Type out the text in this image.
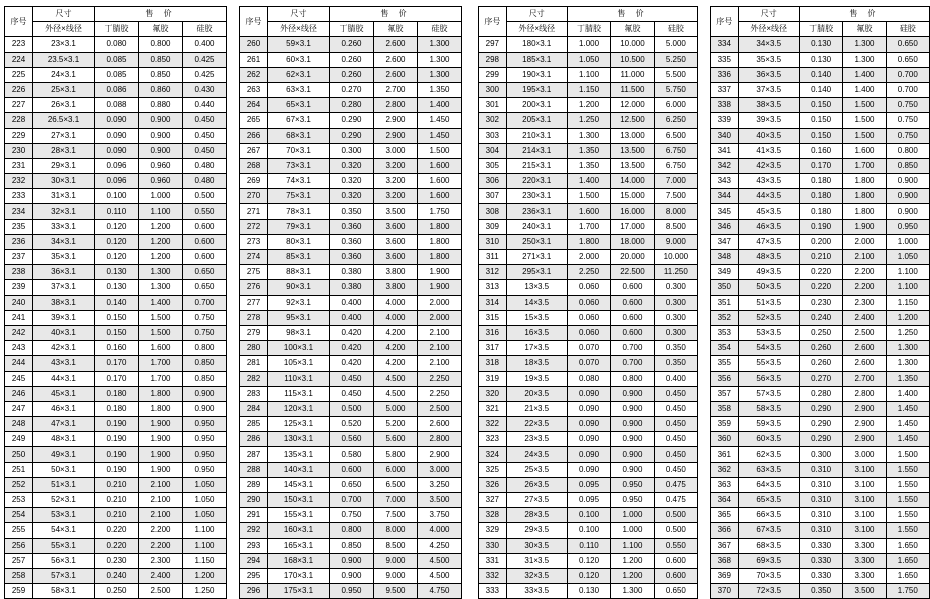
序号	尺寸	售 价		
	外径×线径	丁腈胶	氟胶	硅胶
223	23×3.1	0.080	0.800	0.400
224	23.5×3.1	0.085	0.850	0.425
225	24×3.1	0.085	0.850	0.425
226	25×3.1	0.086	0.860	0.430
227	26×3.1	0.088	0.880	0.440
228	26.5×3.1	0.090	0.900	0.450
229	27×3.1	0.090	0.900	0.450
230	28×3.1	0.090	0.900	0.450
231	29×3.1	0.096	0.960	0.480
232	30×3.1	0.096	0.960	0.480
233	31×3.1	0.100	1.000	0.500
234	32×3.1	0.110	1.100	0.550
235	33×3.1	0.120	1.200	0.600
236	34×3.1	0.120	1.200	0.600
237	35×3.1	0.120	1.200	0.600
238	36×3.1	0.130	1.300	0.650
239	37×3.1	0.130	1.300	0.650
240	38×3.1	0.140	1.400	0.700
241	39×3.1	0.150	1.500	0.750
242	40×3.1	0.150	1.500	0.750
243	42×3.1	0.160	1.600	0.800
244	43×3.1	0.170	1.700	0.850
245	44×3.1	0.170	1.700	0.850
246	45×3.1	0.180	1.800	0.900
247	46×3.1	0.180	1.800	0.900
248	47×3.1	0.190	1.900	0.950
249	48×3.1	0.190	1.900	0.950
250	49×3.1	0.190	1.900	0.950
251	50×3.1	0.190	1.900	0.950
252	51×3.1	0.210	2.100	1.050
253	52×3.1	0.210	2.100	1.050
254	53×3.1	0.210	2.100	1.050
255	54×3.1	0.220	2.200	1.100
256	55×3.1	0.220	2.200	1.100
257	56×3.1	0.230	2.300	1.150
258	57×3.1	0.240	2.400	1.200
259	58×3.1	0.250	2.500	1.250
序号	尺寸	售 价		
	外径×线径	丁腈胶	氟胶	硅胶
260	59×3.1	0.260	2.600	1.300
261	60×3.1	0.260	2.600	1.300
262	62×3.1	0.260	2.600	1.300
263	63×3.1	0.270	2.700	1.350
264	65×3.1	0.280	2.800	1.400
265	67×3.1	0.290	2.900	1.450
266	68×3.1	0.290	2.900	1.450
267	70×3.1	0.300	3.000	1.500
268	73×3.1	0.320	3.200	1.600
269	74×3.1	0.320	3.200	1.600
270	75×3.1	0.320	3.200	1.600
271	78×3.1	0.350	3.500	1.750
272	79×3.1	0.360	3.600	1.800
273	80×3.1	0.360	3.600	1.800
274	85×3.1	0.360	3.600	1.800
275	88×3.1	0.380	3.800	1.900
276	90×3.1	0.380	3.800	1.900
277	92×3.1	0.400	4.000	2.000
278	95×3.1	0.400	4.000	2.000
279	98×3.1	0.420	4.200	2.100
280	100×3.1	0.420	4.200	2.100
281	105×3.1	0.420	4.200	2.100
282	110×3.1	0.450	4.500	2.250
283	115×3.1	0.450	4.500	2.250
284	120×3.1	0.500	5.000	2.500
285	125×3.1	0.520	5.200	2.600
286	130×3.1	0.560	5.600	2.800
287	135×3.1	0.580	5.800	2.900
288	140×3.1	0.600	6.000	3.000
289	145×3.1	0.650	6.500	3.250
290	150×3.1	0.700	7.000	3.500
291	155×3.1	0.750	7.500	3.750
292	160×3.1	0.800	8.000	4.000
293	165×3.1	0.850	8.500	4.250
294	168×3.1	0.900	9.000	4.500
295	170×3.1	0.900	9.000	4.500
296	175×3.1	0.950	9.500	4.750
序号	尺寸	售 价		
	外径×线径	丁腈胶	氟胶	硅胶
297	180×3.1	1.000	10.000	5.000
298	185×3.1	1.050	10.500	5.250
299	190×3.1	1.100	11.000	5.500
300	195×3.1	1.150	11.500	5.750
301	200×3.1	1.200	12.000	6.000
302	205×3.1	1.250	12.500	6.250
303	210×3.1	1.300	13.000	6.500
304	214×3.1	1.350	13.500	6.750
305	215×3.1	1.350	13.500	6.750
306	220×3.1	1.400	14.000	7.000
307	230×3.1	1.500	15.000	7.500
308	236×3.1	1.600	16.000	8.000
309	240×3.1	1.700	17.000	8.500
310	250×3.1	1.800	18.000	9.000
311	271×3.1	2.000	20.000	10.000
312	295×3.1	2.250	22.500	11.250
313	13×3.5	0.060	0.600	0.300
314	14×3.5	0.060	0.600	0.300
315	15×3.5	0.060	0.600	0.300
316	16×3.5	0.060	0.600	0.300
317	17×3.5	0.070	0.700	0.350
318	18×3.5	0.070	0.700	0.350
319	19×3.5	0.080	0.800	0.400
320	20×3.5	0.090	0.900	0.450
321	21×3.5	0.090	0.900	0.450
322	22×3.5	0.090	0.900	0.450
323	23×3.5	0.090	0.900	0.450
324	24×3.5	0.090	0.900	0.450
325	25×3.5	0.090	0.900	0.450
326	26×3.5	0.095	0.950	0.475
327	27×3.5	0.095	0.950	0.475
328	28×3.5	0.100	1.000	0.500
329	29×3.5	0.100	1.000	0.500
330	30×3.5	0.110	1.100	0.550
331	31×3.5	0.120	1.200	0.600
332	32×3.5	0.120	1.200	0.600
333	33×3.5	0.130	1.300	0.650
序号	尺寸	售 价		
	外径×线径	丁腈胶	氟胶	硅胶
334	34×3.5	0.130	1.300	0.650
335	35×3.5	0.130	1.300	0.650
336	36×3.5	0.140	1.400	0.700
337	37×3.5	0.140	1.400	0.700
338	38×3.5	0.150	1.500	0.750
339	39×3.5	0.150	1.500	0.750
340	40×3.5	0.150	1.500	0.750
341	41×3.5	0.160	1.600	0.800
342	42×3.5	0.170	1.700	0.850
343	43×3.5	0.180	1.800	0.900
344	44×3.5	0.180	1.800	0.900
345	45×3.5	0.180	1.800	0.900
346	46×3.5	0.190	1.900	0.950
347	47×3.5	0.200	2.000	1.000
348	48×3.5	0.210	2.100	1.050
349	49×3.5	0.220	2.200	1.100
350	50×3.5	0.220	2.200	1.100
351	51×3.5	0.230	2.300	1.150
352	52×3.5	0.240	2.400	1.200
353	53×3.5	0.250	2.500	1.250
354	54×3.5	0.260	2.600	1.300
355	55×3.5	0.260	2.600	1.300
356	56×3.5	0.270	2.700	1.350
357	57×3.5	0.280	2.800	1.400
358	58×3.5	0.290	2.900	1.450
359	59×3.5	0.290	2.900	1.450
360	60×3.5	0.290	2.900	1.450
361	62×3.5	0.300	3.000	1.500
362	63×3.5	0.310	3.100	1.550
363	64×3.5	0.310	3.100	1.550
364	65×3.5	0.310	3.100	1.550
365	66×3.5	0.310	3.100	1.550
366	67×3.5	0.310	3.100	1.550
367	68×3.5	0.330	3.300	1.650
368	69×3.5	0.330	3.300	1.650
369	70×3.5	0.330	3.300	1.650
370	72×3.5	0.350	3.500	1.750
